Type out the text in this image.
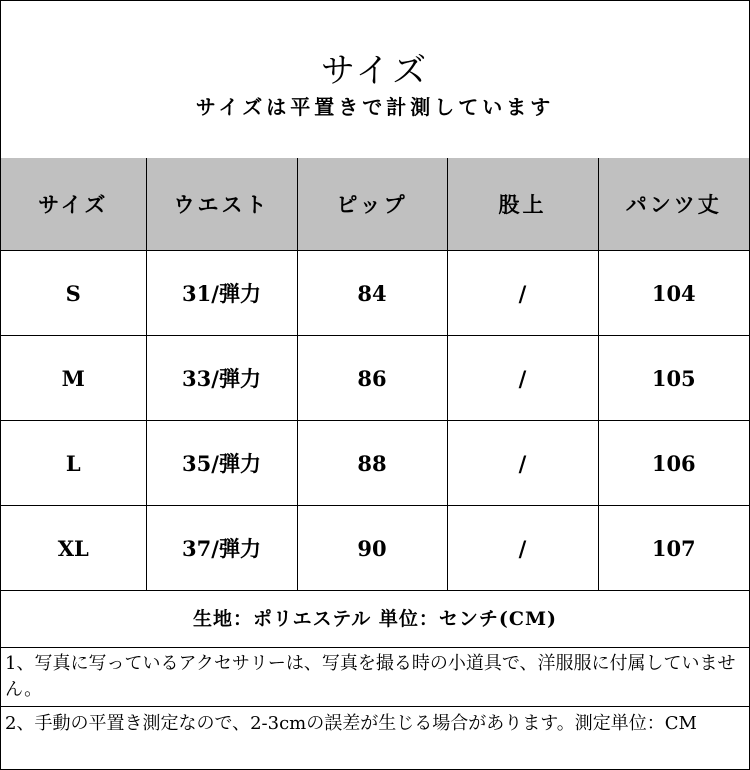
サイズ
サイズは平置きで計測しています
サイズ	ウエスト	ピップ	股上	パンツ丈
S	31/弾力	84	/	104
M	33/弾力	86	/	105
L	35/弾力	88	/	106
XL	37/弾力	90	/	107
生地：ポリエステル 単位：センチ(CM)
1、写真に写っているアクセサリーは、写真を撮る時の小道具で、洋服服に付属していません。
2、手動の平置き測定なので、2-3cmの誤差が生じる場合があります。測定単位：CM
